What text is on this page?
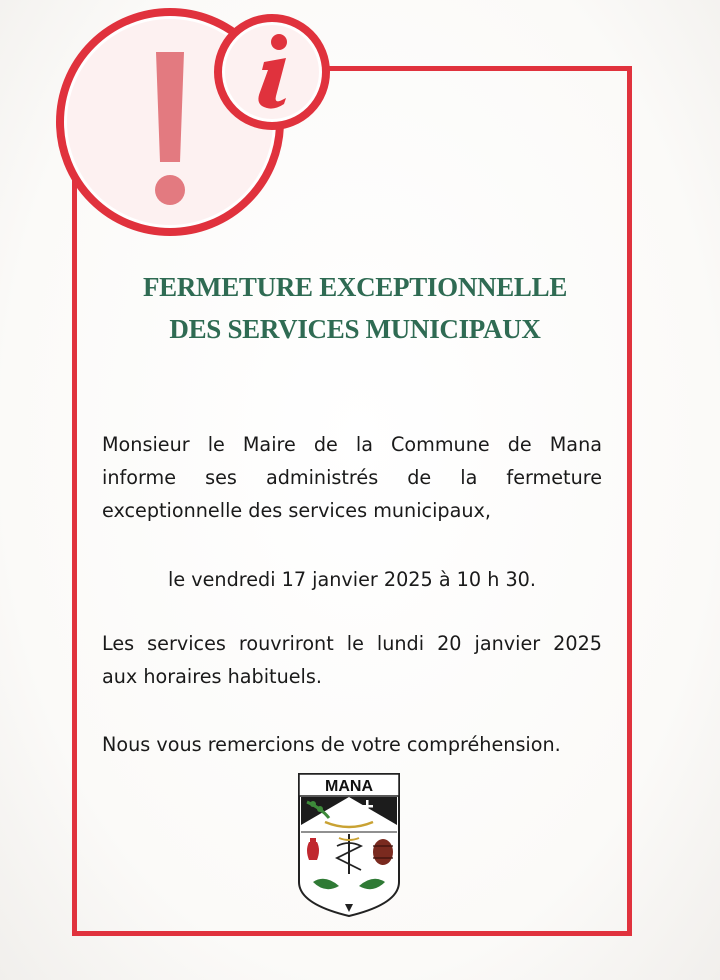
FERMETURE EXCEPTIONNELLE
DES SERVICES MUNICIPAUX
Monsieur le Maire de la Commune de Mana
informe ses administrés de la fermeture
exceptionnelle des services municipaux,
le vendredi 17 janvier 2025 à 10 h 30.
Les services rouvriront le lundi 20 janvier 2025
aux horaires habituels.
Nous vous remercions de votre compréhension.
MANA
